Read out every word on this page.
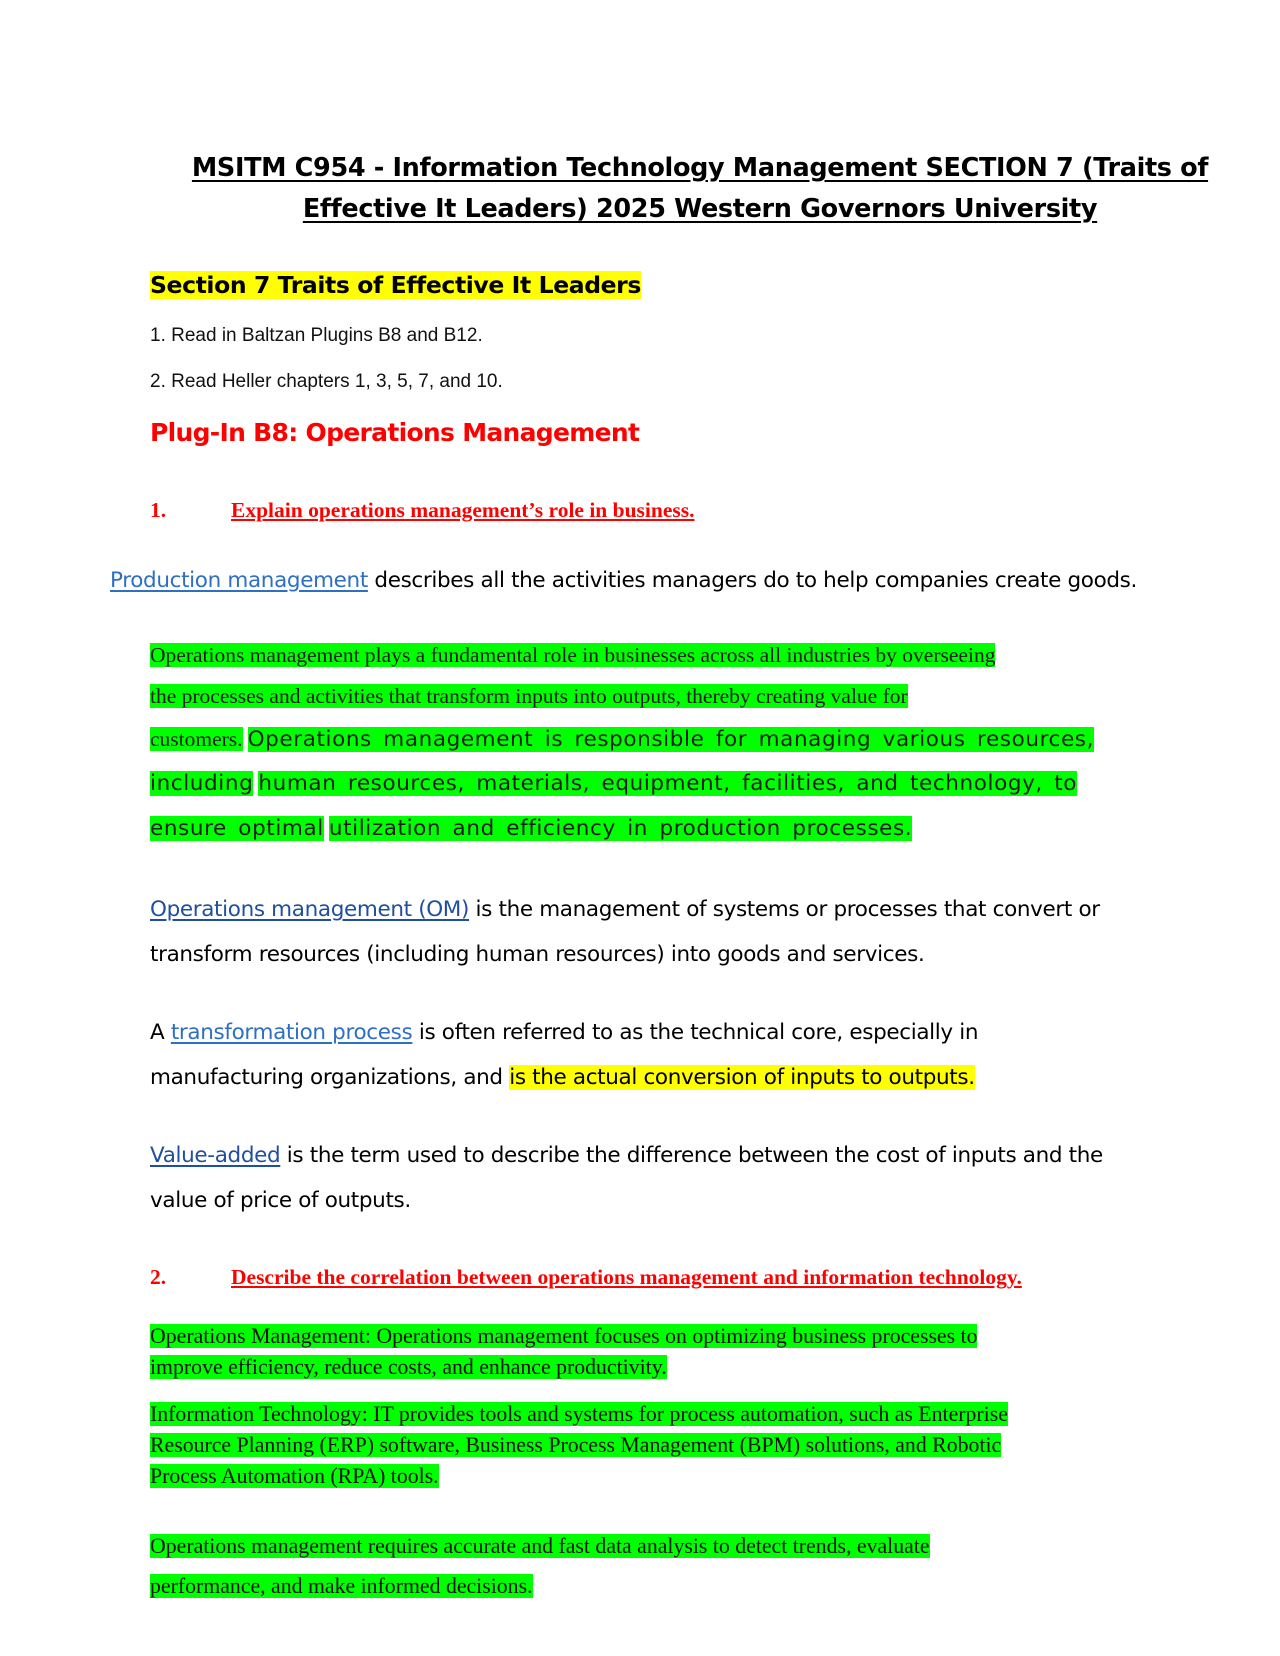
MSITM C954 - Information Technology Management SECTION 7 (Traits of
Effective It Leaders) 2025 Western Governors University
Section 7 Traits of Effective It Leaders
1. Read in Baltzan Plugins B8 and B12.
2. Read Heller chapters 1, 3, 5, 7, and 10.
Plug-In B8: Operations Management
1.	Explain operations management’s role in business.
Production management describes all the activities managers do to help companies create goods.
Operations management plays a fundamental role in businesses across all industries by overseeing
the processes and activities that transform inputs into outputs, thereby creating value for
customers. Operations management is responsible for managing various resources,
including human resources, materials, equipment, facilities, and technology, to
ensure optimal utilization and efficiency in production processes.
Operations management (OM) is the management of systems or processes that convert or
transform resources (including human resources) into goods and services.
A transformation process is often referred to as the technical core, especially in
manufacturing organizations, and is the actual conversion of inputs to outputs.
Value-added is the term used to describe the difference between the cost of inputs and the
value of price of outputs.
2.	Describe the correlation between operations management and information technology.
Operations Management: Operations management focuses on optimizing business processes to
improve efficiency, reduce costs, and enhance productivity.
Information Technology: IT provides tools and systems for process automation, such as Enterprise
Resource Planning (ERP) software, Business Process Management (BPM) solutions, and Robotic
Process Automation (RPA) tools.
Operations management requires accurate and fast data analysis to detect trends, evaluate
performance, and make informed decisions.
